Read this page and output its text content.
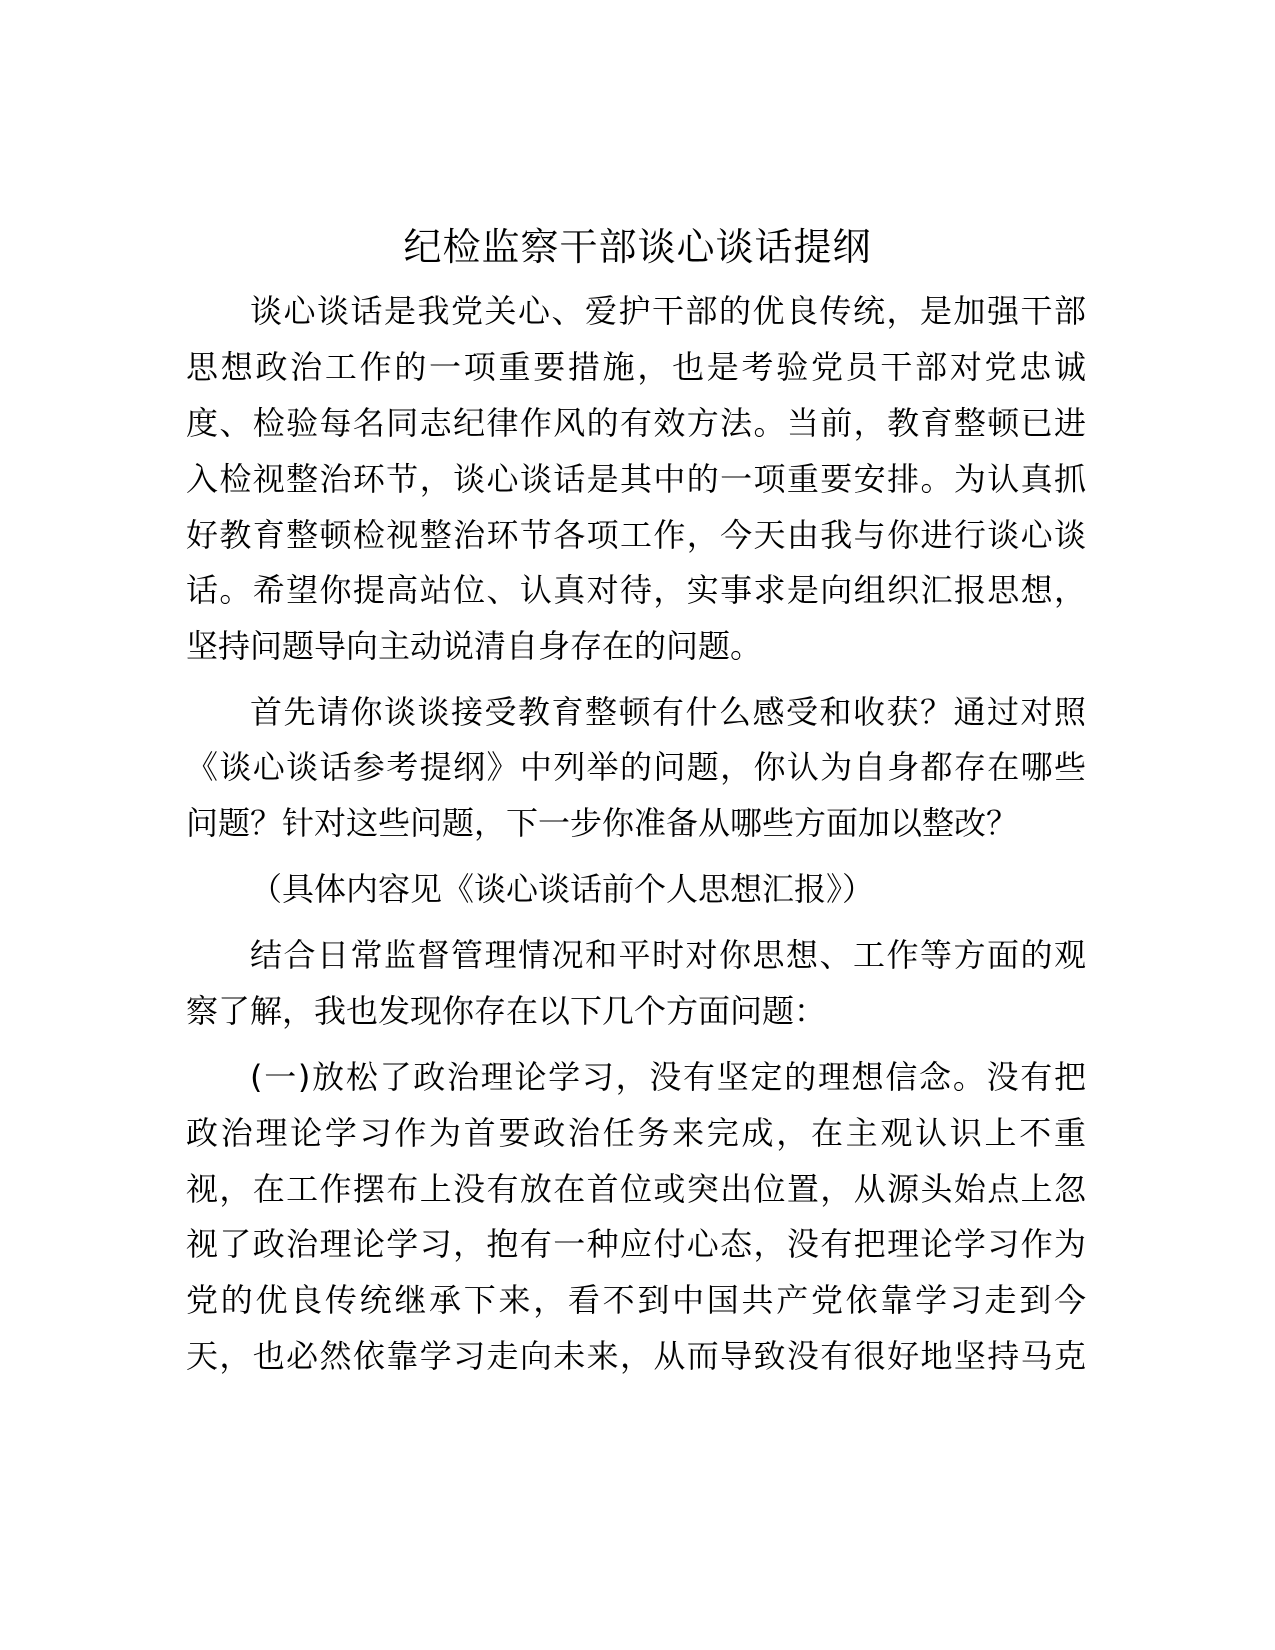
纪检监察干部谈心谈话提纲
谈心谈话是我党关心、爱护干部的优良传统，是加强干部
思想政治工作的一项重要措施，也是考验党员干部对党忠诚
度、检验每名同志纪律作风的有效方法。当前，教育整顿已进
入检视整治环节，谈心谈话是其中的一项重要安排。为认真抓
好教育整顿检视整治环节各项工作，今天由我与你进行谈心谈
话。希望你提高站位、认真对待，实事求是向组织汇报思想，
坚持问题导向主动说清自身存在的问题。
首先请你谈谈接受教育整顿有什么感受和收获？通过对照
《谈心谈话参考提纲》中列举的问题，你认为自身都存在哪些
问题？针对这些问题，下一步你准备从哪些方面加以整改？
（具体内容见《谈心谈话前个人思想汇报》）
结合日常监督管理情况和平时对你思想、工作等方面的观
察了解，我也发现你存在以下几个方面问题：
(一)放松了政治理论学习，没有坚定的理想信念。没有把
政治理论学习作为首要政治任务来完成，在主观认识上不重
视，在工作摆布上没有放在首位或突出位置，从源头始点上忽
视了政治理论学习，抱有一种应付心态，没有把理论学习作为
党的优良传统继承下来，看不到中国共产党依靠学习走到今
天，也必然依靠学习走向未来，从而导致没有很好地坚持马克
